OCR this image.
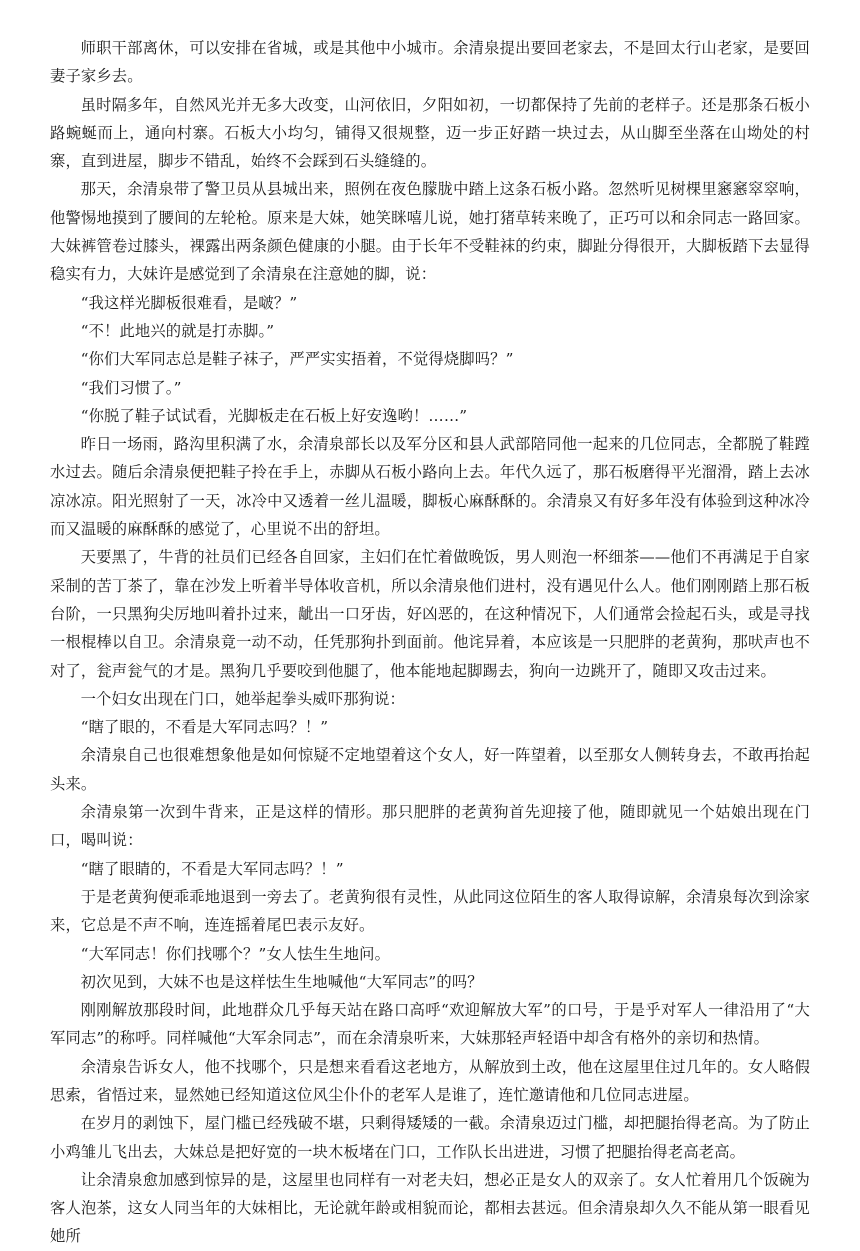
师职干部离休，可以安排在省城，或是其他中小城市。余清泉提出要回老家去，不是回太行山老家，是要回妻子家乡去。

虽时隔多年，自然风光并无多大改变，山河依旧，夕阳如初，一切都保持了先前的老样子。还是那条石板小路蜿蜒而上，通向村寨。石板大小均匀，铺得又很规整，迈一步正好踏一块过去，从山脚至坐落在山坳处的村寨，直到进屋，脚步不错乱，始终不会踩到石头缝缝的。

那天，余清泉带了警卫员从县城出来，照例在夜色朦胧中踏上这条石板小路。忽然听见树棵里窸窸窣窣响，他警惕地摸到了腰间的左轮枪。原来是大妹，她笑眯嘻儿说，她打猪草转来晚了，正巧可以和余同志一路回家。大妹裤管卷过膝头，裸露出两条颜色健康的小腿。由于长年不受鞋袜的约束，脚趾分得很开，大脚板踏下去显得稳实有力，大妹许是感觉到了余清泉在注意她的脚，说：

“我这样光脚板很难看，是啵？”

“不！此地兴的就是打赤脚。”

“你们大军同志总是鞋子袜子，严严实实捂着，不觉得烧脚吗？”

“我们习惯了。”

“你脱了鞋子试试看，光脚板走在石板上好安逸哟！……”

昨日一场雨，路沟里积满了水，余清泉部长以及军分区和县人武部陪同他一起来的几位同志，全都脱了鞋蹚水过去。随后余清泉便把鞋子拎在手上，赤脚从石板小路向上去。年代久远了，那石板磨得平光溜滑，踏上去冰凉冰凉。阳光照射了一天，冰冷中又透着一丝儿温暖，脚板心麻酥酥的。余清泉又有好多年没有体验到这种冰冷而又温暖的麻酥酥的感觉了，心里说不出的舒坦。

天要黑了，牛背的社员们已经各自回家，主妇们在忙着做晚饭，男人则泡一杯细茶——他们不再满足于自家采制的苦丁茶了，靠在沙发上听着半导体收音机，所以余清泉他们进村，没有遇见什么人。他们刚刚踏上那石板台阶，一只黑狗尖厉地叫着扑过来，龇出一口牙齿，好凶恶的，在这种情况下，人们通常会捡起石头，或是寻找一根棍棒以自卫。余清泉竟一动不动，任凭那狗扑到面前。他诧异着，本应该是一只肥胖的老黄狗，那吠声也不对了，瓮声瓮气的才是。黑狗几乎要咬到他腿了，他本能地起脚踢去，狗向一边跳开了，随即又攻击过来。

一个妇女出现在门口，她举起拳头威吓那狗说：

“瞎了眼的，不看是大军同志吗？！”

余清泉自己也很难想象他是如何惊疑不定地望着这个女人，好一阵望着，以至那女人侧转身去，不敢再抬起头来。

余清泉第一次到牛背来，正是这样的情形。那只肥胖的老黄狗首先迎接了他，随即就见一个姑娘出现在门口，喝叫说：

“瞎了眼睛的，不看是大军同志吗？！”

于是老黄狗便乖乖地退到一旁去了。老黄狗很有灵性，从此同这位陌生的客人取得谅解，余清泉每次到涂家来，它总是不声不响，连连摇着尾巴表示友好。

“大军同志！你们找哪个？”女人怯生生地问。

初次见到，大妹不也是这样怯生生地喊他“大军同志”的吗？

刚刚解放那段时间，此地群众几乎每天站在路口高呼“欢迎解放大军”的口号，于是乎对军人一律沿用了“大军同志”的称呼。同样喊他“大军余同志”，而在余清泉听来，大妹那轻声轻语中却含有格外的亲切和热情。

余清泉告诉女人，他不找哪个，只是想来看看这老地方，从解放到土改，他在这屋里住过几年的。女人略假思索，省悟过来，显然她已经知道这位风尘仆仆的老军人是谁了，连忙邀请他和几位同志进屋。

在岁月的剥蚀下，屋门槛已经残破不堪，只剩得矮矮的一截。余清泉迈过门槛，却把腿抬得老高。为了防止小鸡雏儿飞出去，大妹总是把好宽的一块木板堵在门口，工作队长出进进，习惯了把腿抬得老高老高。

让余清泉愈加感到惊异的是，这屋里也同样有一对老夫妇，想必正是女人的双亲了。女人忙着用几个饭碗为客人泡茶，这女人同当年的大妹相比，无论就年龄或相貌而论，都相去甚远。但余清泉却久久不能从第一眼看见她所
